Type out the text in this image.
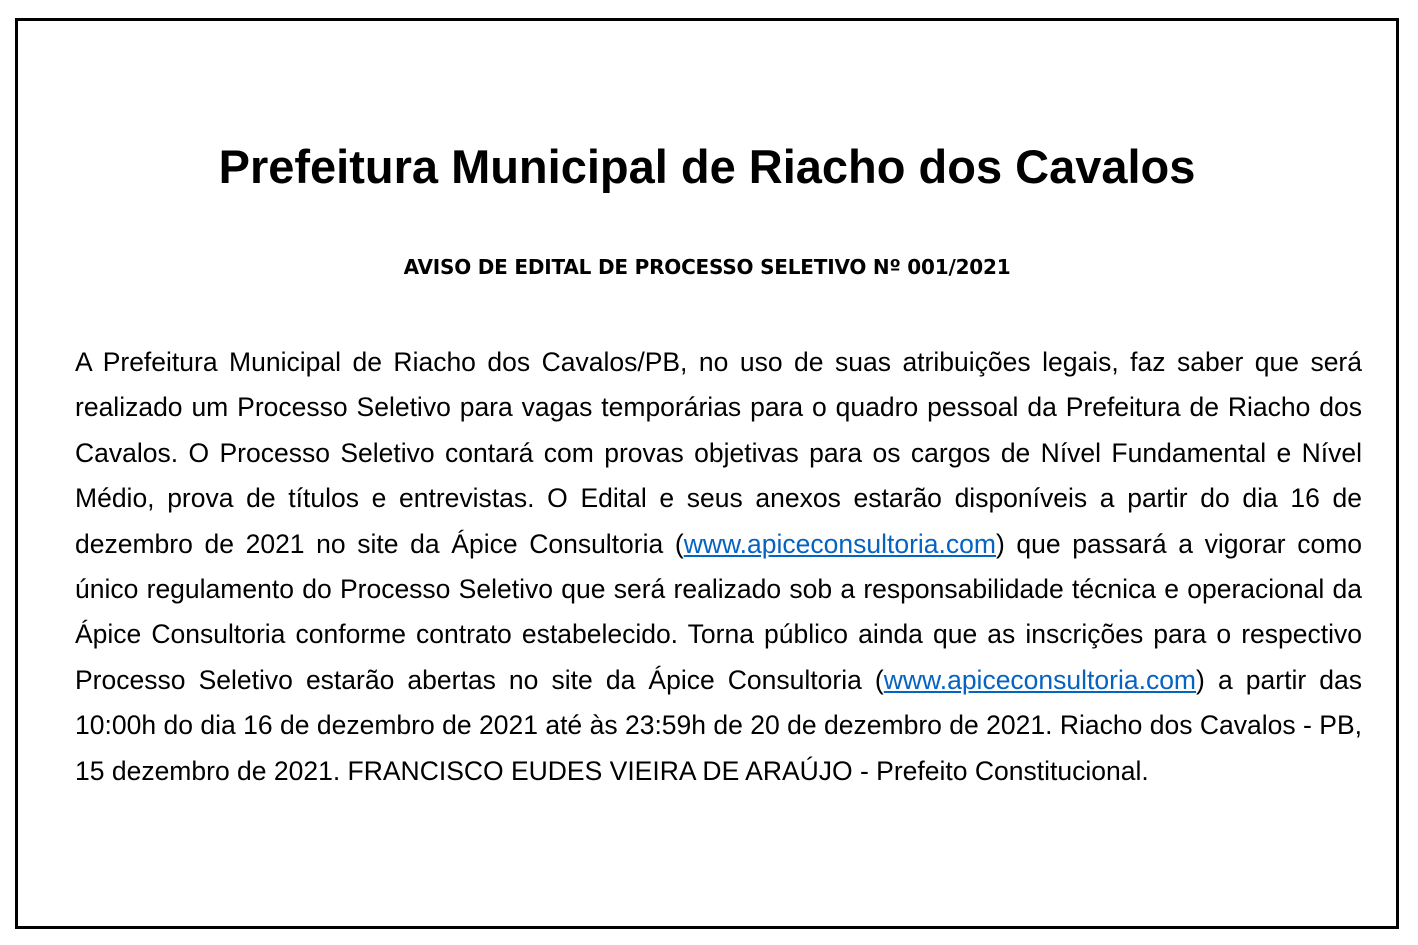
Prefeitura Municipal de Riacho dos Cavalos
AVISO DE EDITAL DE PROCESSO SELETIVO Nº 001/2021

A Prefeitura Municipal de Riacho dos Cavalos/PB, no uso de suas atribuições legais, faz saber que será realizado um Processo Seletivo para vagas temporárias para o quadro pessoal da Prefeitura de Riacho dos Cavalos. O Processo Seletivo contará com provas objetivas para os cargos de Nível Fundamental e Nível Médio, prova de títulos e entrevistas. O Edital e seus anexos estarão disponíveis a partir do dia 16 de dezembro de 2021 no site da Ápice Consultoria (www.apiceconsultoria.com) que passará a vigorar como único regulamento do Processo Seletivo que será realizado sob a responsabilidade técnica e operacional da Ápice Consultoria conforme contrato estabelecido. Torna público ainda que as inscrições para o respectivo Processo Seletivo estarão abertas no site da Ápice Consultoria (www.apiceconsultoria.com) a partir das 10:00h do dia 16 de dezembro de 2021 até às 23:59h de 20 de dezembro de 2021. Riacho dos Cavalos - PB, 15 dezembro de 2021. FRANCISCO EUDES VIEIRA DE ARAÚJO - Prefeito Constitucional.
